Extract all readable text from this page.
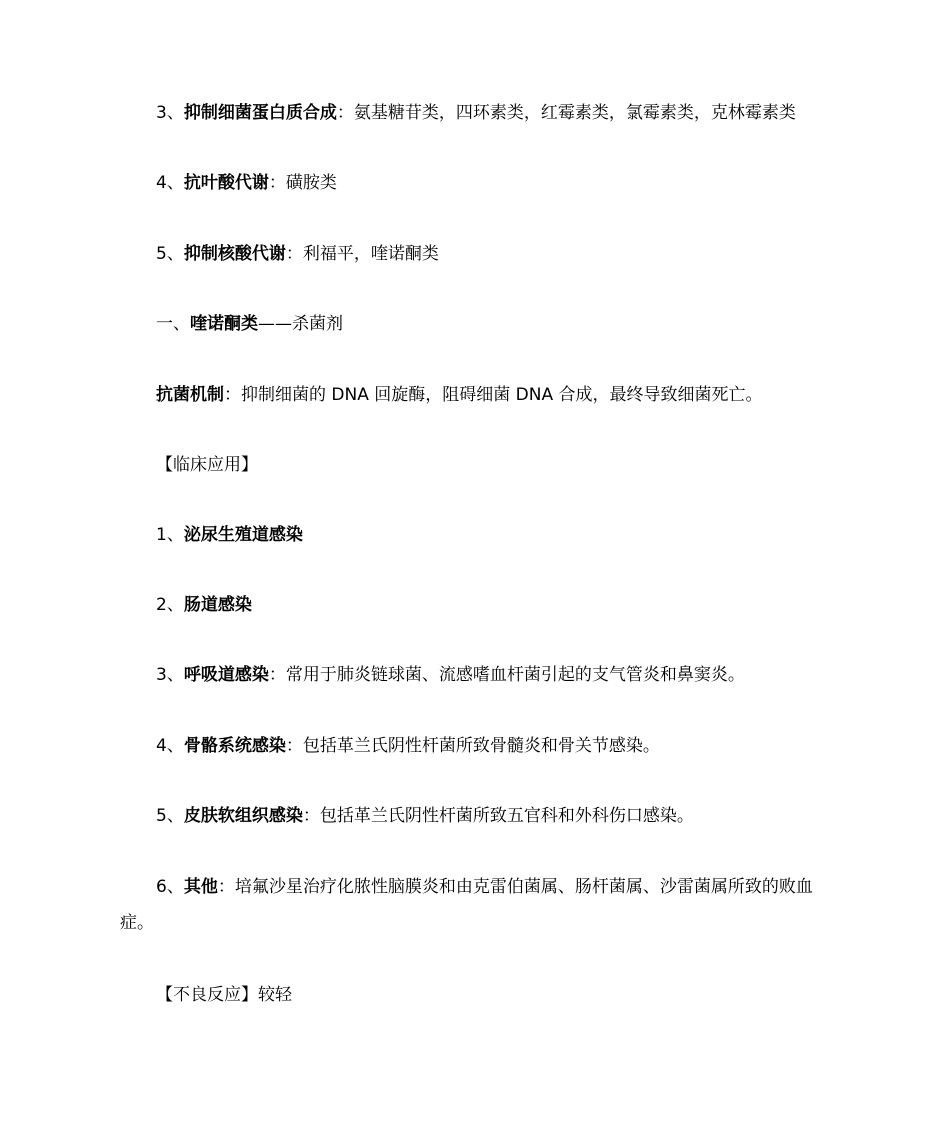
3、抑制细菌蛋白质合成：氨基糖苷类，四环素类，红霉素类，氯霉素类，克林霉素类
4、抗叶酸代谢：磺胺类
5、抑制核酸代谢：利福平，喹诺酮类
一、喹诺酮类——杀菌剂
抗菌机制：抑制细菌的 DNA 回旋酶，阻碍细菌 DNA 合成，最终导致细菌死亡。
【临床应用】
1、泌尿生殖道感染
2、肠道感染
3、呼吸道感染：常用于肺炎链球菌、流感嗜血杆菌引起的支气管炎和鼻窦炎。
4、骨骼系统感染：包括革兰氏阴性杆菌所致骨髓炎和骨关节感染。
5、皮肤软组织感染：包括革兰氏阴性杆菌所致五官科和外科伤口感染。
6、其他：培氟沙星治疗化脓性脑膜炎和由克雷伯菌属、肠杆菌属、沙雷菌属所致的败血症。
【不良反应】较轻
